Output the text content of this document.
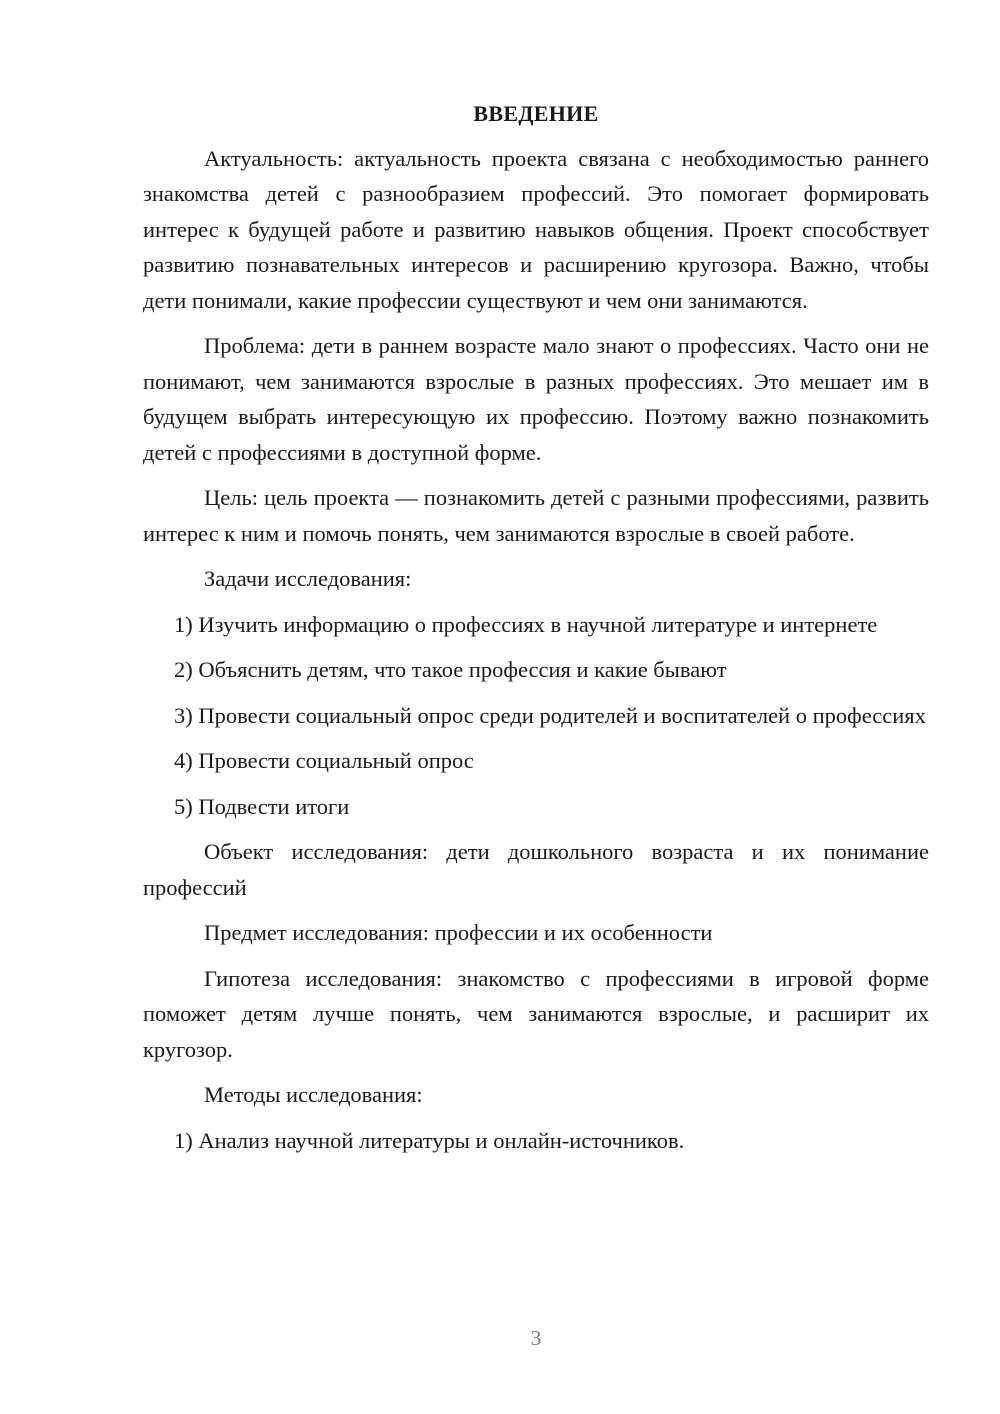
ВВЕДЕНИЕ
Актуальность: актуальность проекта связана с необходимостью раннего знакомства детей с разнообразием профессий. Это помогает формировать интерес к будущей работе и развитию навыков общения. Проект способствует развитию познавательных интересов и расширению кругозора. Важно, чтобы дети понимали, какие профессии существуют и чем они занимаются.
Проблема: дети в раннем возрасте мало знают о профессиях. Часто они не понимают, чем занимаются взрослые в разных профессиях. Это мешает им в будущем выбрать интересующую их профессию. Поэтому важно познакомить детей с профессиями в доступной форме.
Цель: цель проекта — познакомить детей с разными профессиями, развить интерес к ним и помочь понять, чем занимаются взрослые в своей работе.
Задачи исследования:
1) Изучить информацию о профессиях в научной литературе и интернете
2) Объяснить детям, что такое профессия и какие бывают
3) Провести социальный опрос среди родителей и воспитателей о профессиях
4) Провести социальный опрос
5) Подвести итоги
Объект исследования: дети дошкольного возраста и их понимание профессий
Предмет исследования: профессии и их особенности
Гипотеза исследования: знакомство с профессиями в игровой форме поможет детям лучше понять, чем занимаются взрослые, и расширит их кругозор.
Методы исследования:
1) Анализ научной литературы и онлайн-источников.
3
